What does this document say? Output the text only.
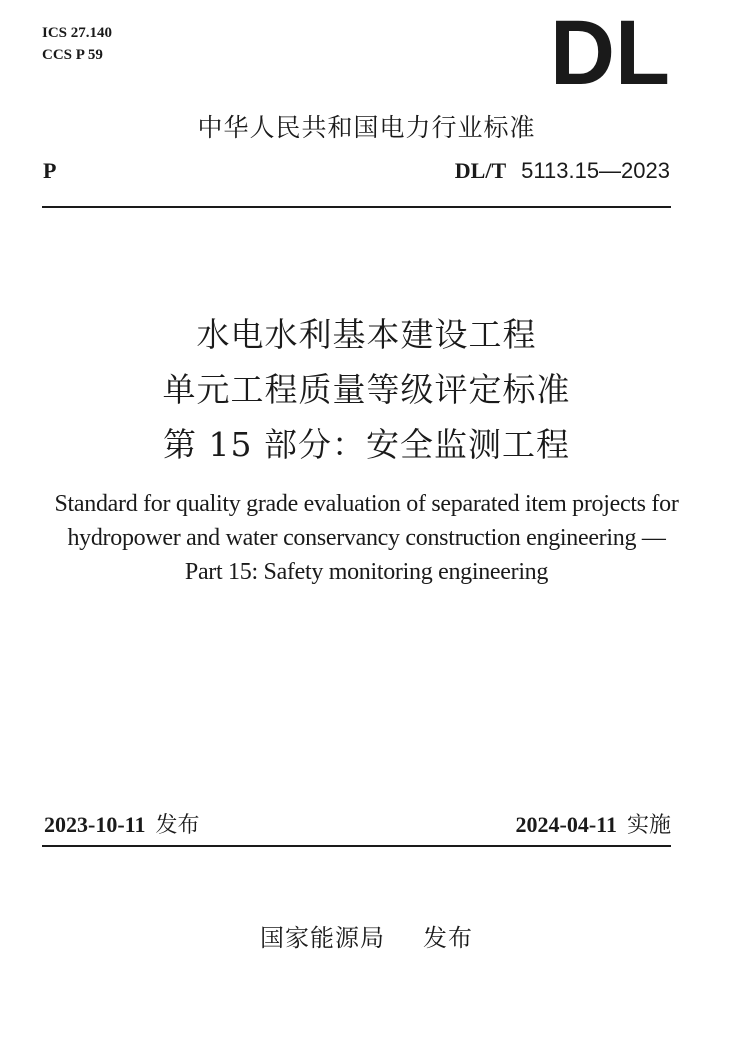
ICS 27.140
CCS P 59	DL
中华人民共和国电力行业标准
P	DL/T 5113.15—2023
水电水利基本建设工程
单元工程质量等级评定标准
第 15 部分：安全监测工程
Standard for quality grade evaluation of separated item projects for
hydropower and water conservancy construction engineering —
Part 15: Safety monitoring engineering
2023-10-11 发布	2024-04-11 实施
国家能源局 发布
